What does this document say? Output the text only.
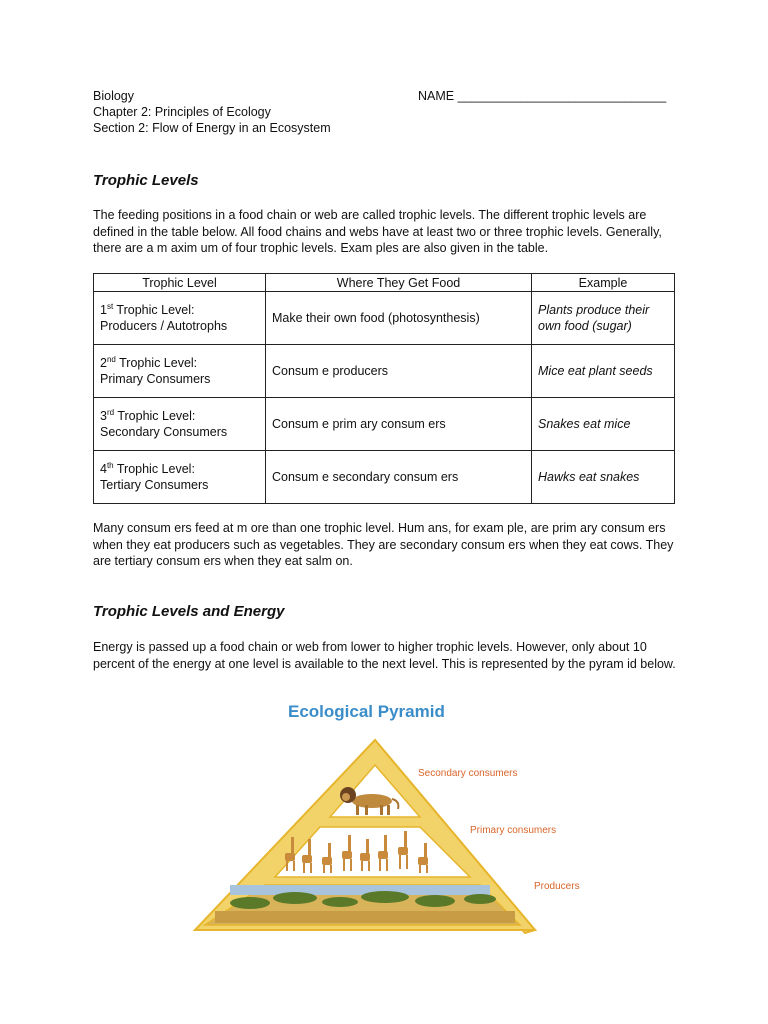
Biology
Chapter 2: Principles of Ecology
Section 2: Flow of Energy in an Ecosystem
NAME ______________________________
Trophic Levels
The feeding positions in a food chain or web are called trophic levels. The different trophic levels are defined in the table below. All food chains and webs have at least two or three trophic levels. Generally, there are a m axim um of four trophic levels. Exam ples are also given in the table.
Trophic Level	Where They Get Food	Example
1st Trophic Level:
Producers / Autotrophs	Make their own food (photosynthesis)	Plants produce their own food (sugar)
2nd Trophic Level:
Primary Consumers	Consum e producers	Mice eat plant seeds
3rd Trophic Level:
Secondary Consumers	Consum e prim ary consum ers	Snakes eat mice
4th Trophic Level:
Tertiary Consumers	Consum e secondary consum ers	Hawks eat snakes
Many consum ers feed at m ore than one trophic level. Hum ans, for exam ple, are prim ary consum ers when they eat producers such as vegetables. They are secondary consum ers when they eat cows. They are tertiary consum ers when they eat salm on.
Trophic Levels and Energy
Energy is passed up a food chain or web from lower to higher trophic levels. However, only about 10 percent of the energy at one level is available to the next level. This is represented by the pyram id below.
Ecological Pyramid
Secondary consumers
Primary consumers
Producers
